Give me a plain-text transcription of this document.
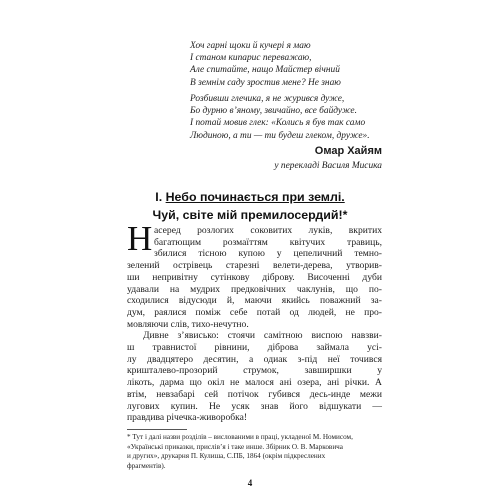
Хоч гарні щоки й кучері я маю
І станом кипарис переважаю,
Але спитайте, нащо Майстер вічний
В земнім саду зростив мене? Не знаю
Розбивши глечика, я не журився дуже,
Бо дурню в’яному, звичайно, все байдуже.
І потай мовив глек: «Колись я був так само
Людиною, а ти — ти будеш глеком, друже».
Омар Хайям
у перекладі Василя Мисика
I. Небо починається при землі.
Чуй, світе мій премилосердий!*
Н асеред розлогих соковитих луків, вкритих
багатющим розмаїттям квітучих травиць,
збилися тісною купою у цепеличний темно-
зелений острівець старезні велети-дерева, утворив-
ши непривітну сутінкову діброву. Височенні дуби
удавали на мудрих предковічних чаклунів, що по-
сходилися відусюди й, маючи якийсь поважний за-
дум, раялися поміж себе потай од людей, не про-
мовляючи слів, тихо-нечутно.
Дивне з’явисько: стоячи самітною виспою навзви-
ш травнистої рівнини, діброва займала усі-
лу двадцятеро десятин, а одиак з-під неї точився
кришталево-прозорий струмок, завширшки у
лікоть, дарма що окіл не малося ані озера, ані річки. А
втім, невзабарі сей потічок губився десь-инде межи
лугових купин. Не усяк знав його відшукати —
правдива річечка-живоробка!
* Тут і далі назви розділів – вислованими в праці, укладеної М. Номисом,
«Українські приказки, прислів’я і таке инше. Збірник О. В. Марковича
и других», друкарня П. Кулиша, С.ПБ, 1864 (окрім підкреслених
фрагментів).
4
